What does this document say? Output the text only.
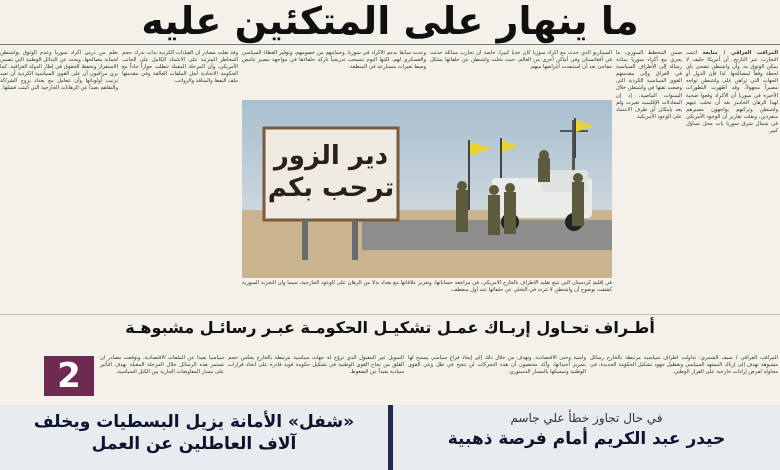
ما ينهار على المتكئين عليه

المراقب العراقي / متابعة أثبتت التجارب عبر التاريخ، أن أمريكا حليف لا يمكن الوثوق به، وأن واشنطن تضحي بأي لحظة وفقاً لمصالحها. لذا فإن الدول أو الجهات التي تراهن على واشنطن تواجه مصيراً مجهولاً، وقد أظهرت التطورات الأخيرة في سوريا أن الأكراد وقعوا ضحية لهذا الرهان الخاسر بعد أن تخلت عنهم واشنطن وتركتهم يواجهون مصيرهم منفردين، ونقلت تقارير أن الوجود الأمريكي في شمال شرق سوريا بات محل تساؤل كبير.

ضمن المخطط السوري، ما يجري مع أكراد سوريا بمثابة رسالة إلى الأطراف السياسية في العراق وإلى مقدمتهم القوى السياسية الكردية التي وضعت ثقتها في واشنطن خلال السنوات الماضية، إذ إن المعادلات الإقليمية تغيرت ولم يعد بإمكان أي طرف الاعتماد على الوعود الأمريكية.

السيناريو الذي حدث مع أكراد سوريا كان جدياً كبيراً، خاصة أن تجارب مماثلة حدثت في أفغانستان وفي أماكن أخرى من العالم، حيث تخلت واشنطن عن حلفائها بشكل مفاجئ بعد أن استنفدت أغراضها منهم.

وعدت سابقاً بدعم الأكراد في سوريا، وحمايتهم من خصومهم، وتوفير الغطاء السياسي والعسكري لهم، لكنها اليوم تنسحب تدريجياً تاركة حلفاءها في مواجهة مصير غامض وسط تغيرات متسارعة في المنطقة.

تعلم من درس أكراد سوريا وعدم الوثوق بواشنطن لحماية مصالحها، وبحث عن البدائل الوطنية التي تضمن الاستقرار وتحفظ الحقوق في إطار الدولة العراقية، كما يرى مراقبون أن على القوى السياسية الكردية أن تعيد ترتيب أولوياتها وأن تتعامل مع بغداد بروح الشراكة والتفاهم بعيداً عن الرهانات الخارجية التي أثبتت فشلها.

وقد نقلت مصادر أن القيادات الكردية بدأت تدرك حجم المخاطر المترتبة على الاعتماد الكامل على الجانب الأمريكي، وأن المرحلة المقبلة تتطلب حواراً جاداً مع الحكومة الاتحادية لحل الملفات العالقة وفي مقدمتها ملف النفط والمنافذ والرواتب.

دير الزور
ترحب بكم

في إقليم كردستان التي تتبع تقليد الأطراف بالخارج الأمريكي، في مراجعة حساباتها، وتعزيز علاقاتها مع بغداد بدلاً من الرهان على الوعود الخارجية، سيما وأن التجربة السورية كشفت بوضوح أن واشنطن لا تتردد في التخلي عن حلفائها عند أول منعطف.

أطـراف تحـاول إربـاك عمـل تشكيـل الحكومـة عبـر رسائـل مشبوهـة
2	المراقب العراقي / سيف الشمري: تداولت أطراف سياسية مرتبطة بالخارج رسائل مشبوهة تهدف إلى إرباك المشهد السياسي وتعطيل جهود تشكيل الحكومة الجديدة، في محاولة لفرض إرادات خارجية على القرار الوطني.

وأمنية وحتى الاقتصادية، وتهدف من خلال ذلك إلى إيجاد فراغ سياسي يسمح لها بتمرير أجنداتها، وأكد مختصون أن هذه التحركات لن تنجح في ظل وعي القوى الوطنية وتمسكها بالمسار الدستوري.

التمويل غير المقبول الذي تروّج له جهات سياسية مرتبطة بالخارج يعكس حجم القلق من نجاح القوى الوطنية في تشكيل حكومة قوية قادرة على اتخاذ قرارات سيادية بعيداً عن الضغوط.

سياسياً بعيداً عن الملفات الاقتصادية، وتوقعت مصادر أن تستمر هذه الرسائل خلال المرحلة المقبلة بهدف التأثير على مسار المفاوضات الجارية بين الكتل السياسية.

في حال تجاوز خطأ علي جاسم
حيدر عبد الكريم أمام فرصة ذهبية
«شفل» الأمانة يزيل البسطيات ويخلف آلاف العاطلين عن العمل
